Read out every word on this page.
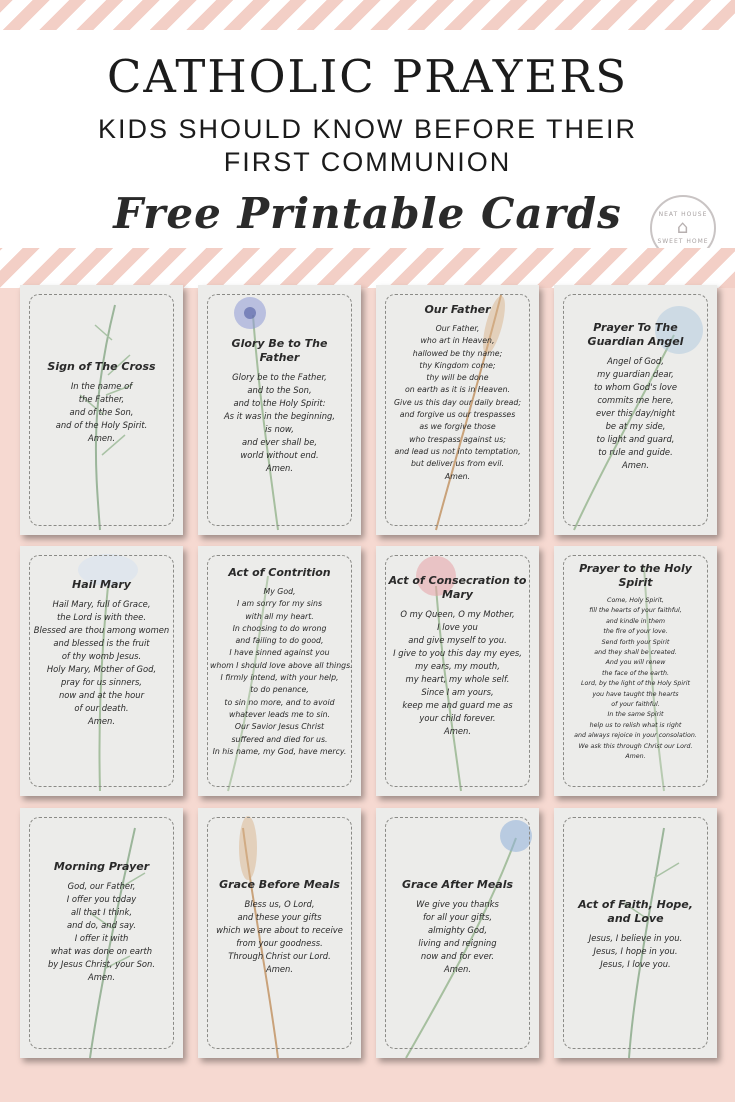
CATHOLIC PRAYERS
KIDS SHOULD KNOW BEFORE THEIR FIRST COMMUNION
Free Printable Cards	NEAT HOUSE
⌂
SWEET HOME
Sign of The Cross
In the name of
the Father,
and of the Son,
and of the Holy Spirit.
Amen.
Glory Be to The Father
Glory be to the Father,
and to the Son,
and to the Holy Spirit:
As it was in the beginning,
is now,
and ever shall be,
world without end.
Amen.
Our Father
Our Father,
who art in Heaven,
hallowed be thy name;
thy Kingdom come;
thy will be done
on earth as it is in Heaven.
Give us this day our daily bread;
and forgive us our trespasses
as we forgive those
who trespass against us;
and lead us not into temptation,
but deliver us from evil.
Amen.
Prayer To The Guardian Angel
Angel of God,
my guardian dear,
to whom God's love
commits me here,
ever this day/night
be at my side,
to light and guard,
to rule and guide.
Amen.
Hail Mary
Hail Mary, full of Grace,
the Lord is with thee.
Blessed are thou among women
and blessed is the fruit
of thy womb Jesus.
Holy Mary, Mother of God,
pray for us sinners,
now and at the hour
of our death.
Amen.
Act of Contrition
My God,
I am sorry for my sins
with all my heart.
In choosing to do wrong
and failing to do good,
I have sinned against you
whom I should love above all things.
I firmly intend, with your help,
to do penance,
to sin no more, and to avoid
whatever leads me to sin.
Our Savior Jesus Christ
suffered and died for us.
In his name, my God, have mercy.
Act of Consecration to Mary
O my Queen, O my Mother,
I love you
and give myself to you.
I give to you this day my eyes,
my ears, my mouth,
my heart, my whole self.
Since I am yours,
keep me and guard me as
your child forever.
Amen.
Prayer to the Holy Spirit
Come, Holy Spirit,
fill the hearts of your faithful,
and kindle in them
the fire of your love.
Send forth your Spirit
and they shall be created.
And you will renew
the face of the earth.
Lord, by the light of the Holy Spirit
you have taught the hearts
of your faithful.
In the same Spirit
help us to relish what is right
and always rejoice in your consolation.
We ask this through Christ our Lord.
Amen.
Morning Prayer
God, our Father,
I offer you today
all that I think,
and do, and say.
I offer it with
what was done on earth
by Jesus Christ, your Son.
Amen.
Grace Before Meals
Bless us, O Lord,
and these your gifts
which we are about to receive
from your goodness.
Through Christ our Lord.
Amen.
Grace After Meals
We give you thanks
for all your gifts,
almighty God,
living and reigning
now and for ever.
Amen.
Act of Faith, Hope, and Love
Jesus, I believe in you.
Jesus, I hope in you.
Jesus, I love you.
